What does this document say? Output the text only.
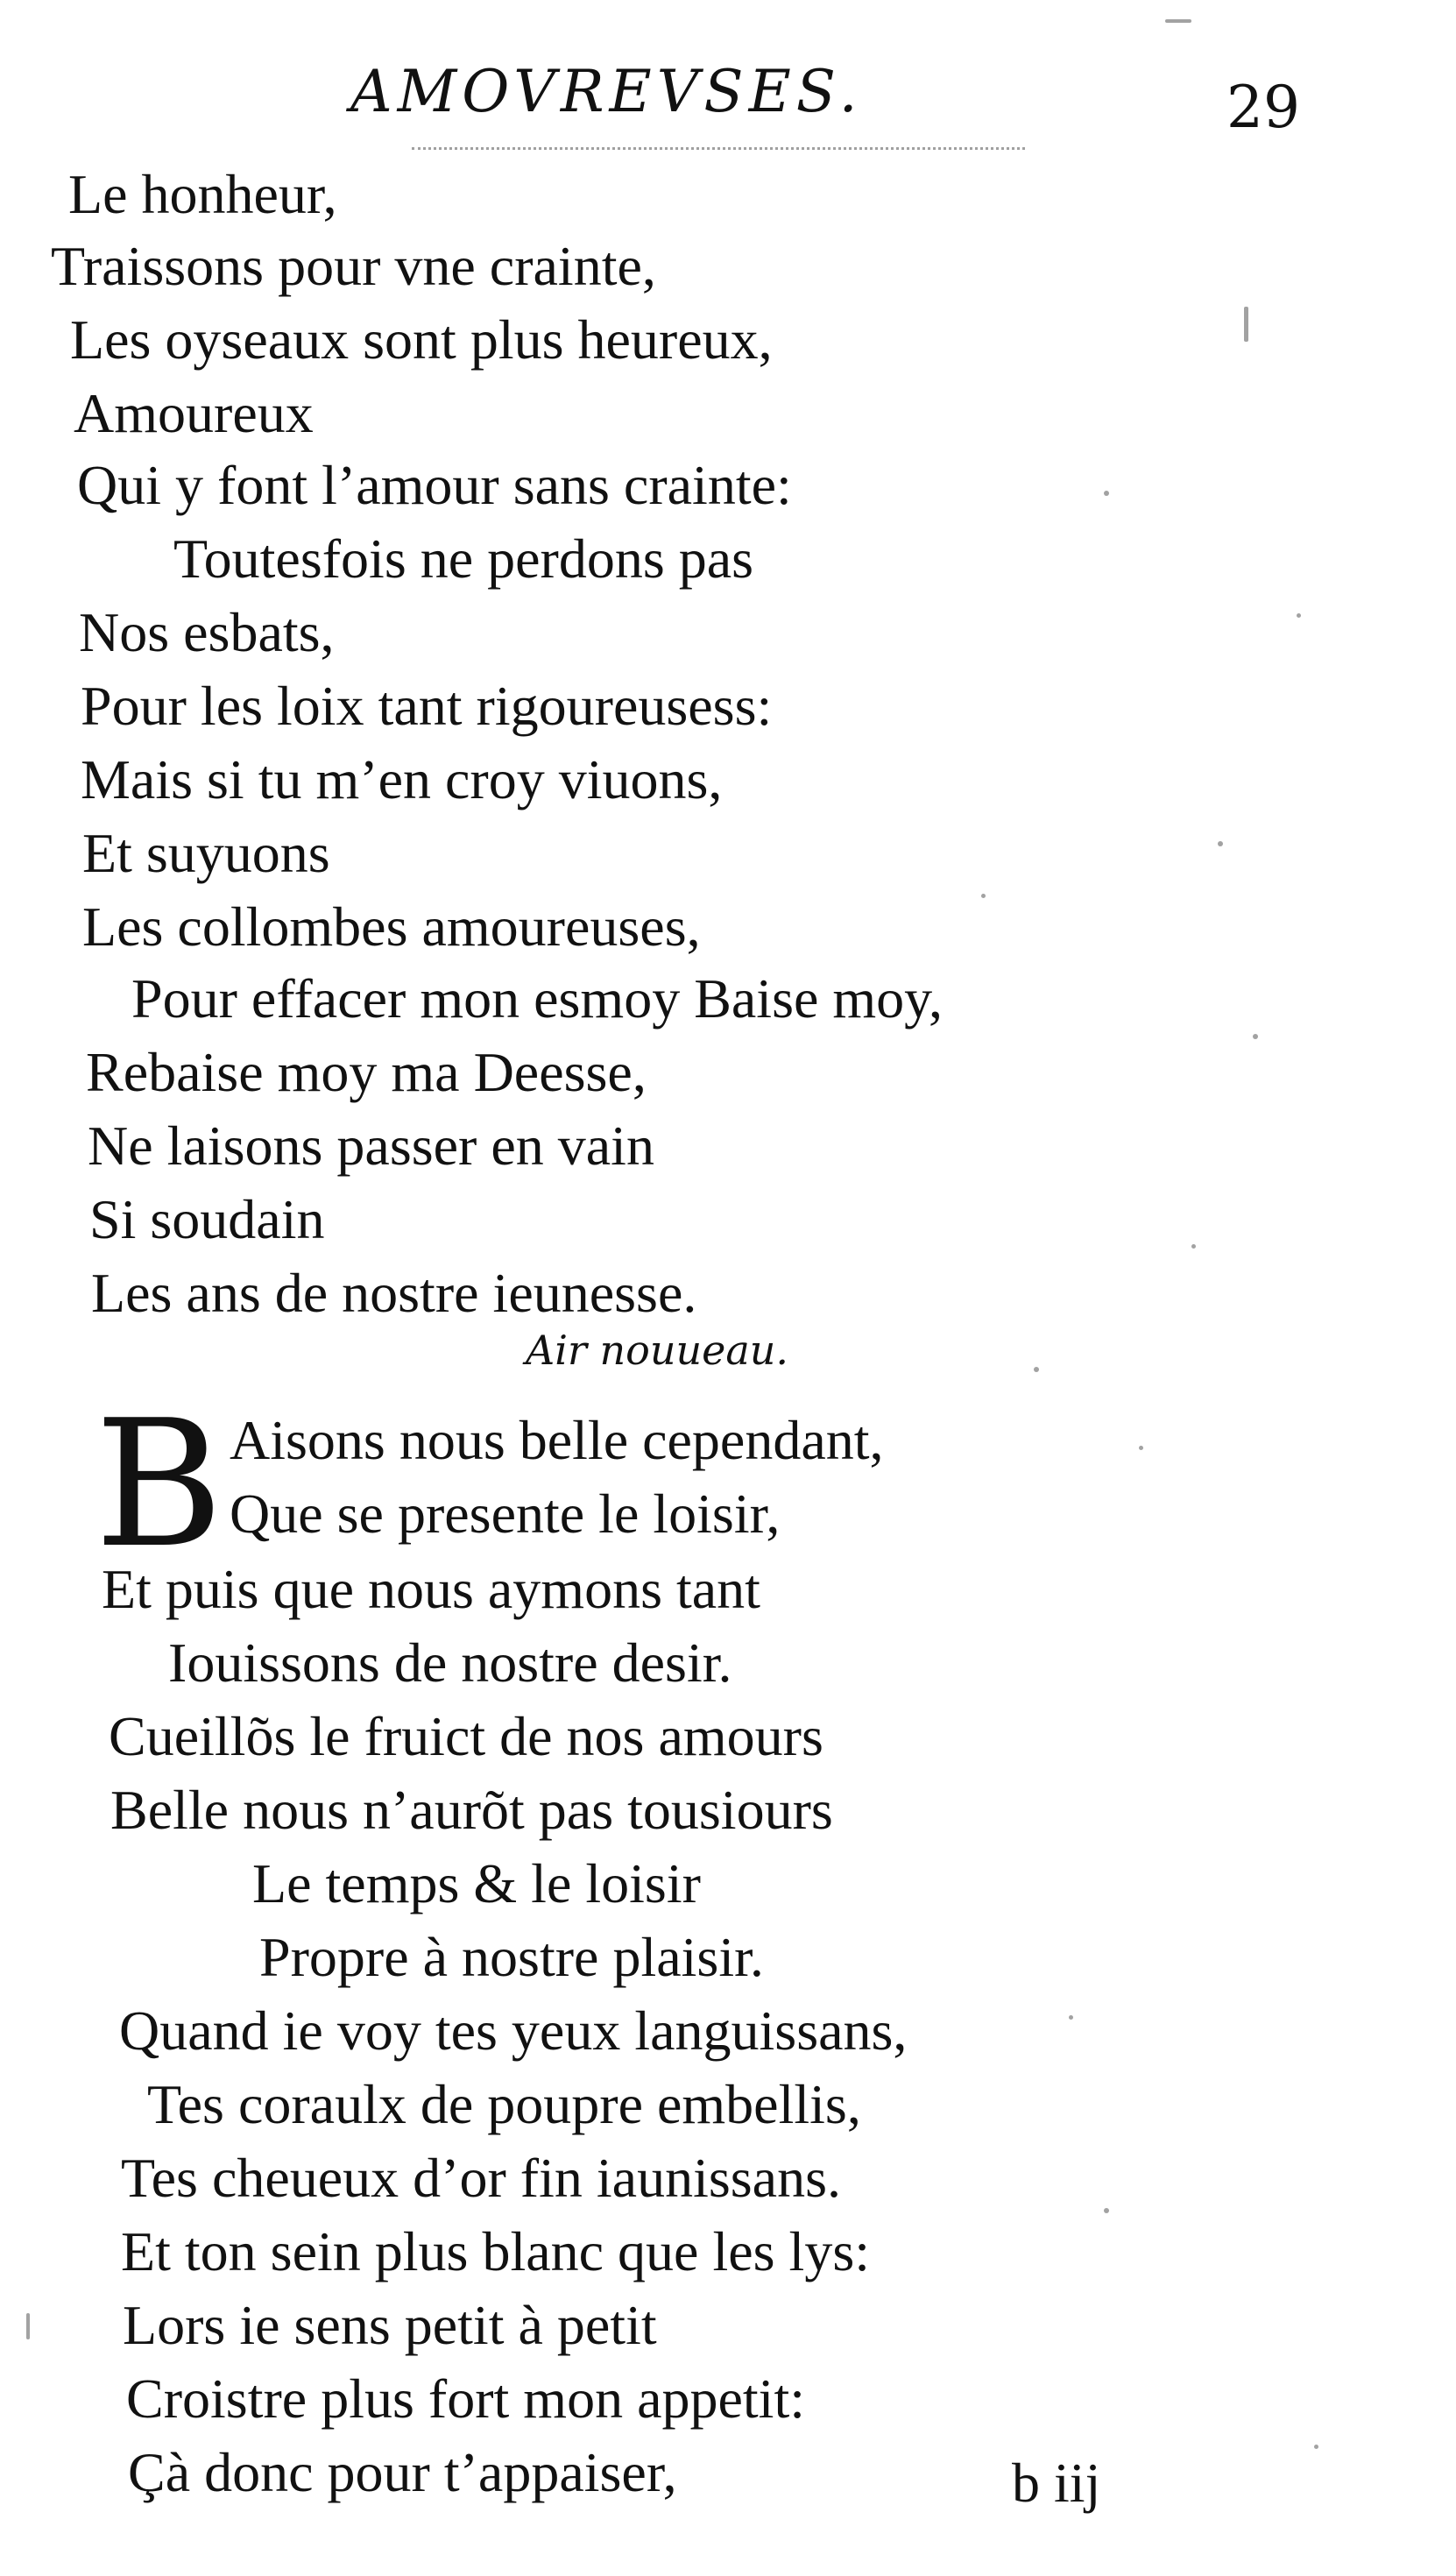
AMOVREVSES.	29
Le honheur,
Traissons pour vne crainte,
Les oyseaux sont plus heureux,
Amoureux
Qui y font l’amour sans crainte:
Toutesfois ne perdons pas
Nos esbats,
Pour les loix tant rigoureusess:
Mais si tu m’en croy viuons,
Et suyuons
Les collombes amoureuses,
Pour effacer mon esmoy Baise moy,
Rebaise moy ma Deesse,
Ne laisons passer en vain
Si soudain
Les ans de nostre ieunesse.
Air nouueau.
B Aisons nous belle cependant,
Que se presente le loisir,
Et puis que nous aymons tant
Iouissons de nostre desir.
Cueillõs le fruict de nos amours
Belle nous n’aurõt pas tousiours
Le temps & le loisir
Propre à nostre plaisir.
Quand ie voy tes yeux languissans,
Tes coraulx de poupre embellis,
Tes cheueux d’or fin iaunissans.
Et ton sein plus blanc que les lys:
Lors ie sens petit à petit
Croistre plus fort mon appetit:
Çà donc pour t’appaiser,	b iij
